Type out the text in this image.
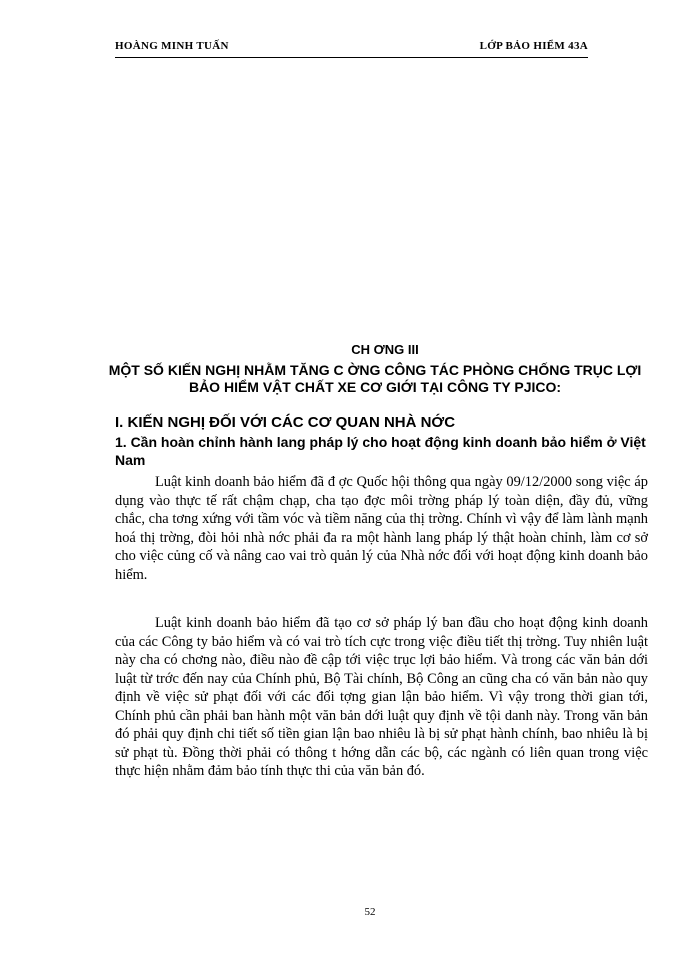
HOÀNG MINH TUẤN	LỚP BẢO HIỂM 43A
CH ƠNG III
MỘT SỐ KIẾN NGHỊ NHẰM TĂNG C ỜNG CÔNG TÁC PHÒNG CHỐNG TRỤC LỢI BẢO HIỂM VẬT CHẤT XE CƠ GIỚI TẠI CÔNG TY PJICO:
I. KIẾN NGHỊ ĐỐI VỚI CÁC CƠ QUAN NHÀ NỚC
1. Cần hoàn chỉnh hành lang pháp lý cho hoạt động kinh doanh bảo hiểm ở Việt Nam

Luật kinh doanh bảo hiểm đã đ ợc Quốc hội thông qua ngày 09/12/2000 song việc áp dụng vào thực tế rất chậm chạp, cha tạo đợc môi trờng pháp lý toàn diện, đầy đủ, vững chắc, cha tơng xứng với tầm vóc và tiềm năng của thị trờng. Chính vì vậy để làm lành mạnh hoá thị trờng, đòi hỏi nhà nớc phải đa ra một hành lang pháp lý thật hoàn chỉnh, làm cơ sở cho việc củng cố và nâng cao vai trò quản lý của Nhà nớc đối với hoạt động kinh doanh bảo hiểm.

Luật kinh doanh bảo hiểm đã tạo cơ sở pháp lý ban đầu cho hoạt động kinh doanh của các Công ty bảo hiểm và có vai trò tích cực trong việc điều tiết thị trờng. Tuy nhiên luật này cha có chơng nào, điều nào đề cập tới việc trục lợi bảo hiểm. Và trong các văn bản dới luật từ trớc đến nay của Chính phủ, Bộ Tài chính, Bộ Công an cũng cha có văn bản nào quy định về việc sử phạt đối với các đối tợng gian lận bảo hiểm. Vì vậy trong thời gian tới, Chính phủ cần phải ban hành một văn bản dới luật quy định về tội danh này. Trong văn bản đó phải quy định chi tiết số tiền gian lận bao nhiêu là bị sử phạt hành chính, bao nhiêu là bị sử phạt tù. Đồng thời phải có thông t hớng dẫn các bộ, các ngành có liên quan trong việc thực hiện nhằm đảm bảo tính thực thi của văn bản đó.

52
